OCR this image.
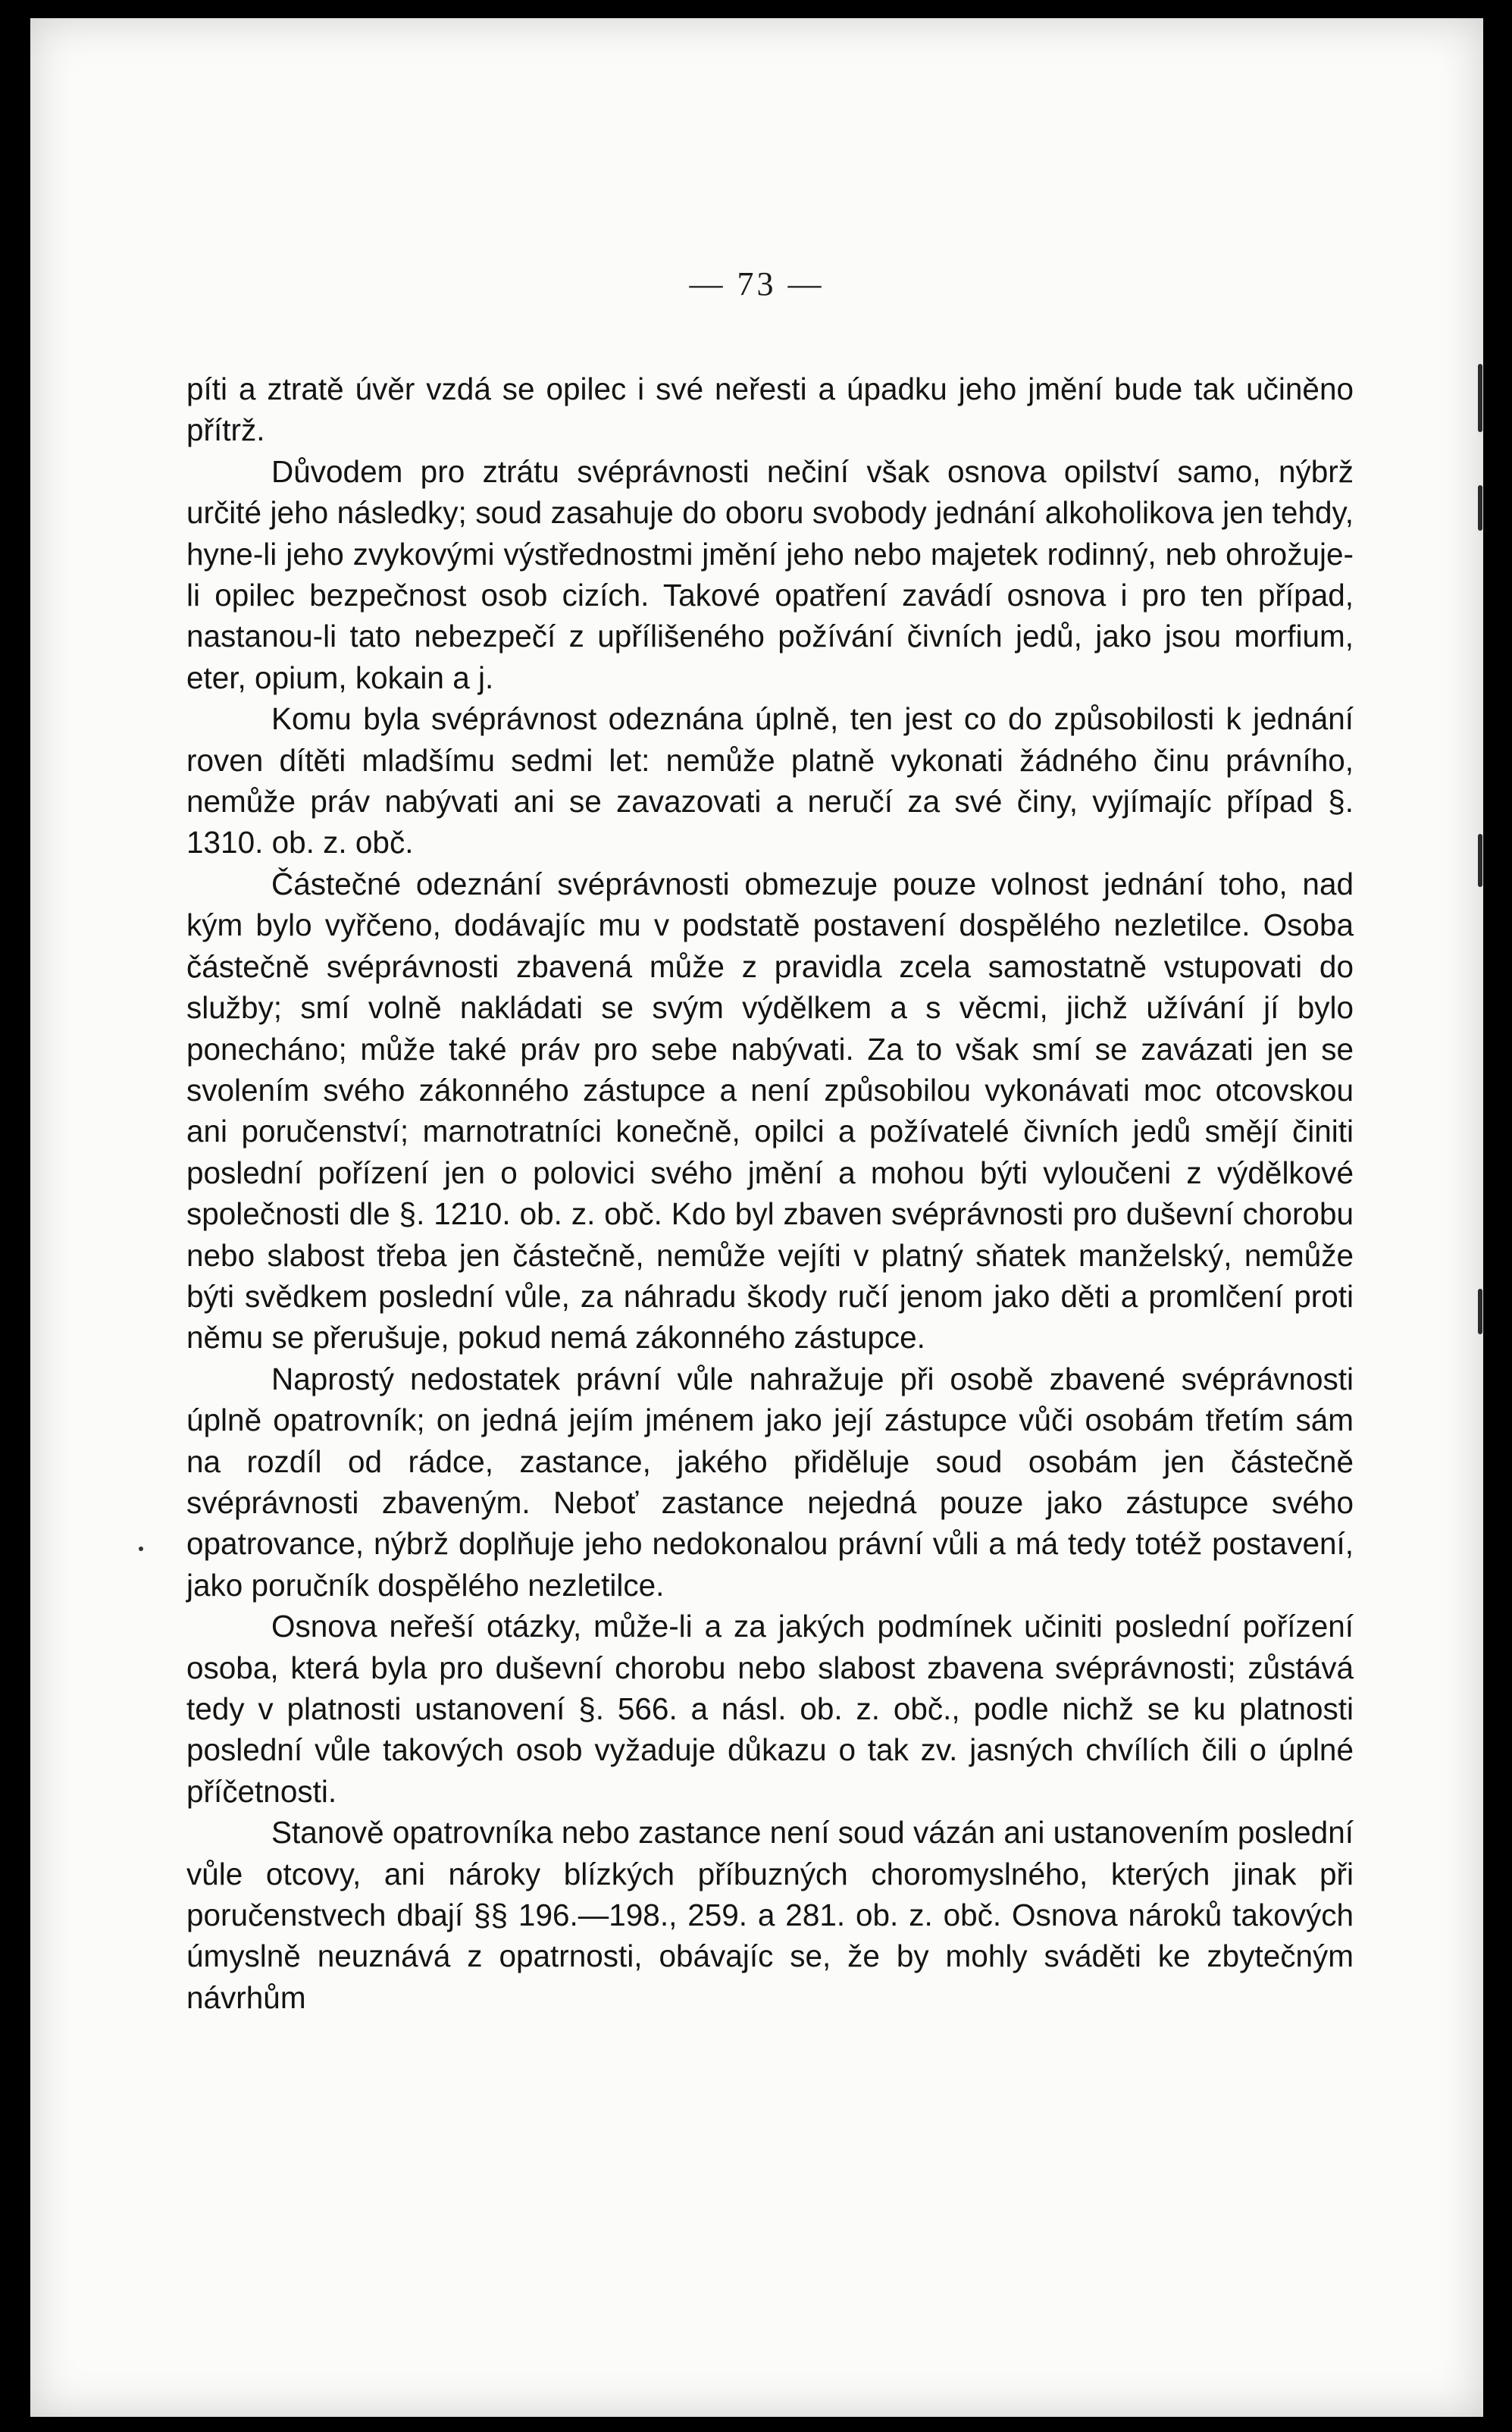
— 73 —

píti a ztratě úvěr vzdá se opilec i své neřesti a úpadku jeho jmění bude tak učiněno přítrž.

Důvodem pro ztrátu svéprávnosti nečiní však osnova opilství samo, nýbrž určité jeho následky; soud zasahuje do oboru svobody jednání alkoholikova jen tehdy, hyne-li jeho zvykovými výstřednostmi jmění jeho nebo majetek rodinný, neb ohrožuje-li opilec bezpečnost osob cizích. Takové opatření zavádí osnova i pro ten případ, nastanou-li tato nebezpečí z upřílišeného požívání čivních jedů, jako jsou morfium, eter, opium, kokain a j.

Komu byla svéprávnost odeznána úplně, ten jest co do způsobilosti k jednání roven dítěti mladšímu sedmi let: nemůže platně vykonati žádného činu právního, nemůže práv nabývati ani se zavazovati a neručí za své činy, vyjímajíc případ §. 1310. ob. z. obč.

Částečné odeznání svéprávnosti obmezuje pouze volnost jednání toho, nad kým bylo vyřčeno, dodávajíc mu v podstatě postavení dospělého nezletilce. Osoba částečně svéprávnosti zbavená může z pravidla zcela samostatně vstupovati do služby; smí volně nakládati se svým výdělkem a s věcmi, jichž užívání jí bylo ponecháno; může také práv pro sebe nabývati. Za to však smí se zavázati jen se svolením svého zákonného zástupce a není způsobilou vykonávati moc otcovskou ani poručenství; marnotratníci konečně, opilci a požívatelé čivních jedů smějí činiti poslední pořízení jen o polovici svého jmění a mohou býti vyloučeni z výdělkové společnosti dle §. 1210. ob. z. obč. Kdo byl zbaven svéprávnosti pro duševní chorobu nebo slabost třeba jen částečně, nemůže vejíti v platný sňatek manželský, nemůže býti svědkem poslední vůle, za náhradu škody ručí jenom jako děti a promlčení proti němu se přerušuje, pokud nemá zákonného zástupce.

Naprostý nedostatek právní vůle nahražuje při osobě zbavené svéprávnosti úplně opatrovník; on jedná jejím jménem jako její zástupce vůči osobám třetím sám na rozdíl od rádce, zastance, jakého přiděluje soud osobám jen částečně svéprávnosti zbaveným. Neboť zastance nejedná pouze jako zástupce svého opatrovance, nýbrž doplňuje jeho nedokonalou právní vůli a má tedy totéž postavení, jako poručník dospělého nezletilce.

Osnova neřeší otázky, může-li a za jakých podmínek učiniti poslední pořízení osoba, která byla pro duševní chorobu nebo slabost zbavena svéprávnosti; zůstává tedy v platnosti ustanovení §. 566. a násl. ob. z. obč., podle nichž se ku platnosti poslední vůle takových osob vyžaduje důkazu o tak zv. jasných chvílích čili o úplné příčetnosti.

Stanově opatrovníka nebo zastance není soud vázán ani ustanovením poslední vůle otcovy, ani nároky blízkých příbuzných choromyslného, kterých jinak při poručenstvech dbají §§ 196.—198., 259. a 281. ob. z. obč. Osnova nároků takových úmyslně neuznává z opatrnosti, obávajíc se, že by mohly sváděti ke zbytečným návrhům
